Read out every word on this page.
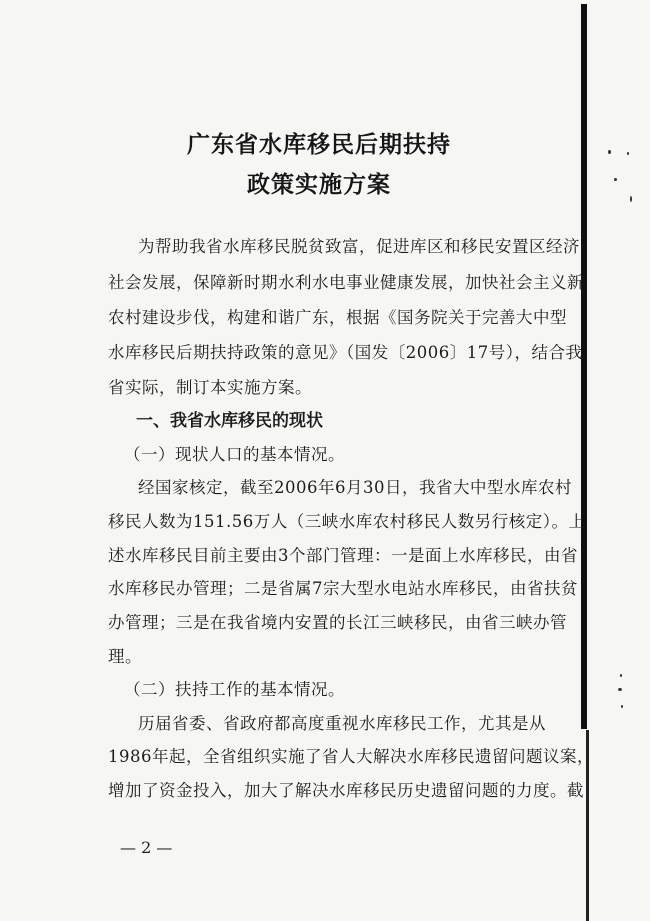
广东省水库移民后期扶持
政策实施方案
为帮助我省水库移民脱贫致富，促进库区和移民安置区经济
社会发展，保障新时期水利水电事业健康发展，加快社会主义新
农村建设步伐，构建和谐广东，根据《国务院关于完善大中型
水库移民后期扶持政策的意见》（国发〔2006〕17号），结合我
省实际，制订本实施方案。
一、我省水库移民的现状
（一）现状人口的基本情况。
经国家核定，截至2006年6月30日，我省大中型水库农村
移民人数为151.56万人（三峡水库农村移民人数另行核定）。上
述水库移民目前主要由3个部门管理：一是面上水库移民，由省
水库移民办管理；二是省属7宗大型水电站水库移民，由省扶贫
办管理；三是在我省境内安置的长江三峡移民，由省三峡办管
理。
（二）扶持工作的基本情况。
历届省委、省政府都高度重视水库移民工作，尤其是从
1986年起，全省组织实施了省人大解决水库移民遗留问题议案，
增加了资金投入，加大了解决水库移民历史遗留问题的力度。截
— 2 —
